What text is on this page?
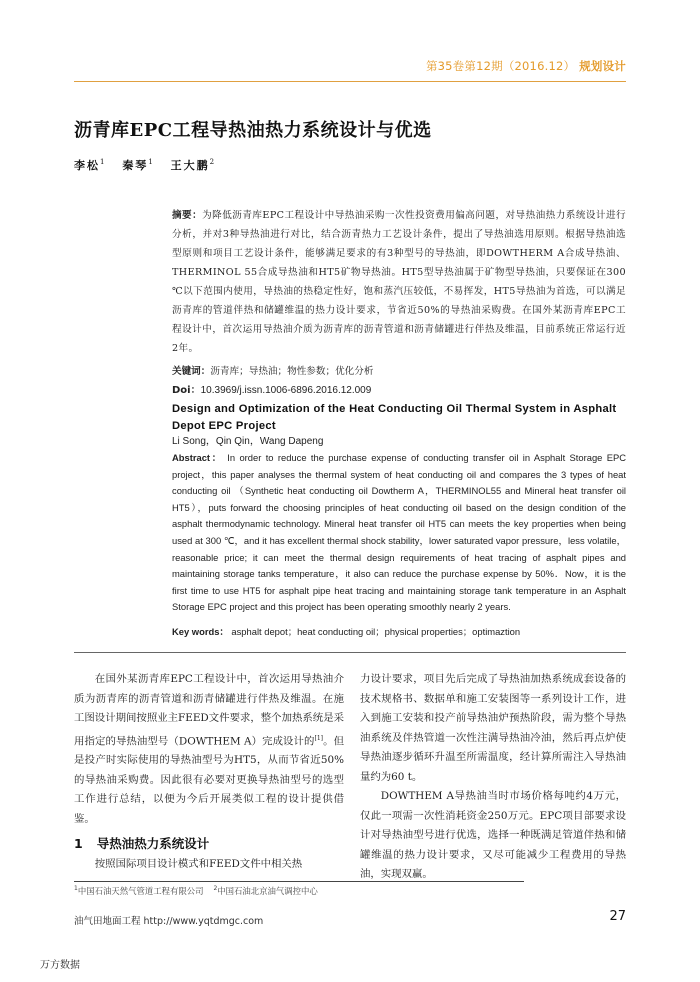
第35卷第12期（2016.12） 规划设计
沥青库EPC工程导热油热力系统设计与优选
李松$^1$ 秦琴$^1$ 王大鹏$^2$
摘要：为降低沥青库EPC工程设计中导热油采购一次性投资费用偏高问题，对导热油热力系统设计进行分析，并对3种导热油进行对比，结合沥青热力工艺设计条件，提出了导热油选用原则。根据导热油选型原则和项目工艺设计条件，能够满足要求的有3种型号的导热油，即DOWTHERM A合成导热油、THERMINOL 55合成导热油和HT5矿物导热油。HT5型导热油属于矿物型导热油，只要保证在300 ℃以下范围内使用，导热油的热稳定性好，饱和蒸汽压较低，不易挥发，HT5导热油为首选，可以满足沥青库的管道伴热和储罐维温的热力设计要求，节省近50%的导热油采购费。在国外某沥青库EPC工程设计中，首次运用导热油介质为沥青库的沥青管道和沥青储罐进行伴热及维温，目前系统正常运行近2年。
关键词：沥青库；导热油；物性参数；优化分析
Doi：10.3969/j.issn.1006-6896.2016.12.009
Design and Optimization of the Heat Conducting Oil Thermal System in Asphalt Depot EPC Project
Li Song，Qin Qin，Wang Dapeng
Abstract： In order to reduce the purchase expense of conducting transfer oil in Asphalt Storage EPC project，this paper analyses the thermal system of heat conducting oil and compares the 3 types of heat conducting oil （Synthetic heat conducting oil Dowtherm A，THERMINOL55 and Mineral heat transfer oil HT5），puts forward the choosing principles of heat conducting oil based on the design condition of the asphalt thermodynamic technology. Mineral heat transfer oil HT5 can meets the key properties when being used at 300 ℃，and it has excellent thermal shock stability，lower saturated vapor pressure，less volatile，reasonable price; it can meet the thermal design requirements of heat tracing of asphalt pipes and maintaining storage tanks temperature，it also can reduce the purchase expense by 50%．Now，it is the first time to use HT5 for asphalt pipe heat tracing and maintaining storage tank temperature in an Asphalt Storage EPC project and this project has been operating smoothly nearly 2 years.
Key words： asphalt depot；heat conducting oil；physical properties；optimaztion

在国外某沥青库EPC工程设计中，首次运用导热油介质为沥青库的沥青管道和沥青储罐进行伴热及维温。在施工图设计期间按照业主FEED文件要求，整个加热系统是采用指定的导热油型号（DOWTHEM A）完成设计的[1]。但是投产时实际使用的导热油型号为HT5，从而节省近50%的导热油采购费。因此很有必要对更换导热油型号的选型工作进行总结，以便为今后开展类似工程的设计提供借鉴。

1 导热油热力系统设计

按照国际项目设计模式和FEED文件中相关热

力设计要求，项目先后完成了导热油加热系统成套设备的技术规格书、数据单和施工安装图等一系列设计工作，进入到施工安装和投产前导热油炉预热阶段，需为整个导热油系统及伴热管道一次性注满导热油冷油，然后再点炉使导热油逐步循环升温至所需温度，经计算所需注入导热油量约为60 t。

DOWTHEM A导热油当时市场价格每吨约4万元，仅此一项需一次性消耗资金250万元。EPC项目部要求设计对导热油型号进行优选，选择一种既满足管道伴热和储罐维温的热力设计要求，又尽可能减少工程费用的导热油，实现双赢。

$^1$中国石油天然气管道工程有限公司 $^2$中国石油北京油气调控中心
油气田地面工程 http://www.yqtdmgc.com	27
万方数据
